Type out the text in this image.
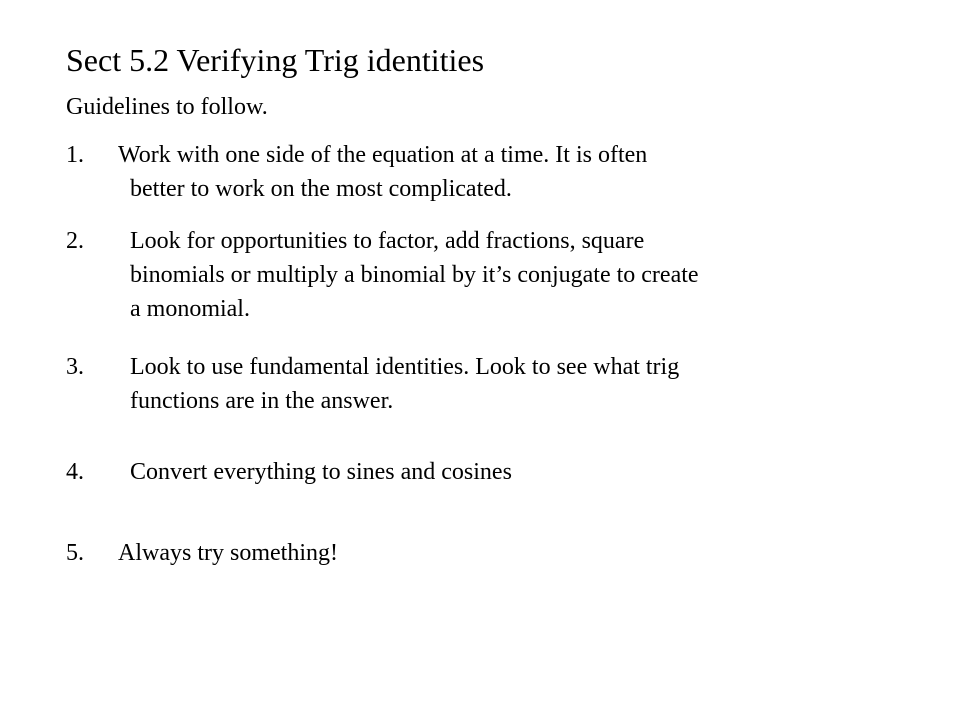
Sect 5.2 Verifying Trig identities
Guidelines to follow.
1. Work with one side of the equation at a time. It is often
better to work on the most complicated.
2. Look for opportunities to factor, add fractions, square
binomials or multiply a binomial by it’s conjugate to create
a monomial.
3. Look to use fundamental identities. Look to see what trig
functions are in the answer.
4. Convert everything to sines and cosines
5. Always try something!
